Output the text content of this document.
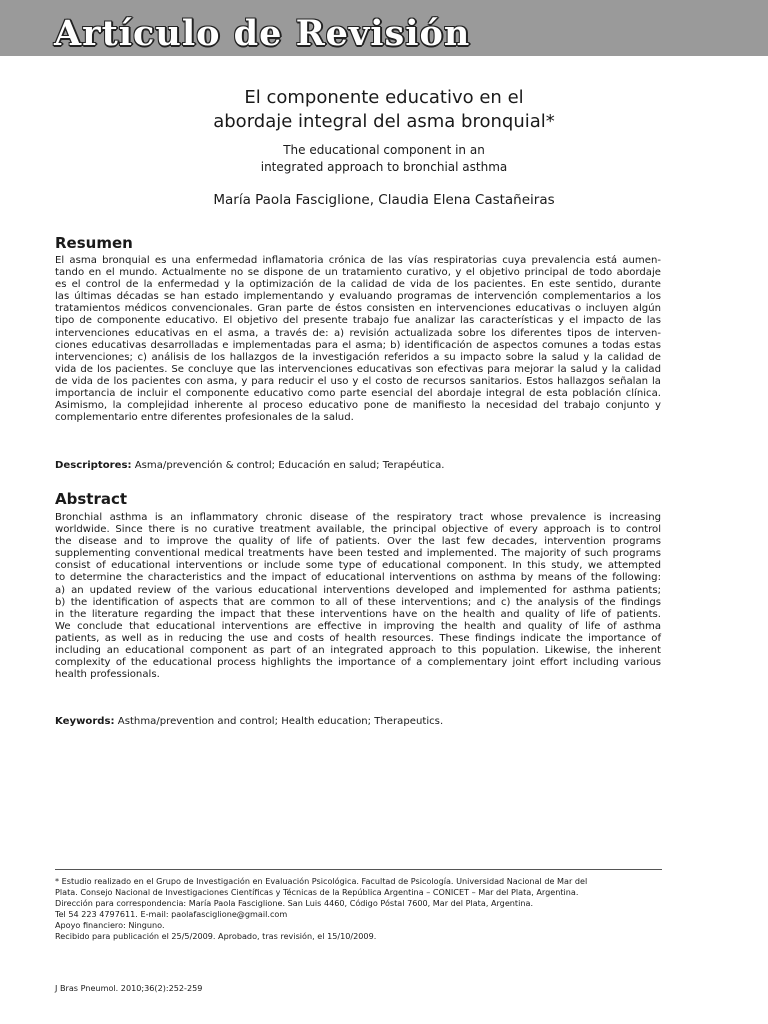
Artículo de Revisión
El componente educativo en el
abordaje integral del asma bronquial*

The educational component in an
integrated approach to bronchial asthma

María Paola Fasciglione, Claudia Elena Castañeiras

Resumen

El asma bronquial es una enfermedad inflamatoria crónica de las vías respiratorias cuya prevalencia está aumen-
tando en el mundo. Actualmente no se dispone de un tratamiento curativo, y el objetivo principal de todo abordaje
es el control de la enfermedad y la optimización de la calidad de vida de los pacientes. En este sentido, durante
las últimas décadas se han estado implementando y evaluando programas de intervención complementarios a los
tratamientos médicos convencionales. Gran parte de éstos consisten en intervenciones educativas o incluyen algún
tipo de componente educativo. El objetivo del presente trabajo fue analizar las características y el impacto de las
intervenciones educativas en el asma, a través de: a) revisión actualizada sobre los diferentes tipos de interven-
ciones educativas desarrolladas e implementadas para el asma; b) identificación de aspectos comunes a todas estas
intervenciones; c) análisis de los hallazgos de la investigación referidos a su impacto sobre la salud y la calidad de
vida de los pacientes. Se concluye que las intervenciones educativas son efectivas para mejorar la salud y la calidad
de vida de los pacientes con asma, y para reducir el uso y el costo de recursos sanitarios. Estos hallazgos señalan la
importancia de incluir el componente educativo como parte esencial del abordaje integral de esta población clínica.
Asimismo, la complejidad inherente al proceso educativo pone de manifiesto la necesidad del trabajo conjunto y
complementario entre diferentes profesionales de la salud.

Descriptores: Asma/prevención & control; Educación en salud; Terapéutica.

Abstract

Bronchial asthma is an inflammatory chronic disease of the respiratory tract whose prevalence is increasing
worldwide. Since there is no curative treatment available, the principal objective of every approach is to control
the disease and to improve the quality of life of patients. Over the last few decades, intervention programs
supplementing conventional medical treatments have been tested and implemented. The majority of such programs
consist of educational interventions or include some type of educational component. In this study, we attempted
to determine the characteristics and the impact of educational interventions on asthma by means of the following:
a) an updated review of the various educational interventions developed and implemented for asthma patients;
b) the identification of aspects that are common to all of these interventions; and c) the analysis of the findings
in the literature regarding the impact that these interventions have on the health and quality of life of patients.
We conclude that educational interventions are effective in improving the health and quality of life of asthma
patients, as well as in reducing the use and costs of health resources. These findings indicate the importance of
including an educational component as part of an integrated approach to this population. Likewise, the inherent
complexity of the educational process highlights the importance of a complementary joint effort including various
health professionals.

Keywords: Asthma/prevention and control; Health education; Therapeutics.

* Estudio realizado en el Grupo de Investigación en Evaluación Psicológica. Facultad de Psicología. Universidad Nacional de Mar del
Plata. Consejo Nacional de Investigaciones Científicas y Técnicas de la República Argentina – CONICET – Mar del Plata, Argentina.
Dirección para correspondencia: María Paola Fasciglione. San Luis 4460, Código Póstal 7600, Mar del Plata, Argentina.
Tel 54 223 4797611. E-mail: paolafasciglione@gmail.com
Apoyo financiero: Ninguno.
Recibido para publicación el 25/5/2009. Aprobado, tras revisión, el 15/10/2009.

J Bras Pneumol. 2010;36(2):252-259
